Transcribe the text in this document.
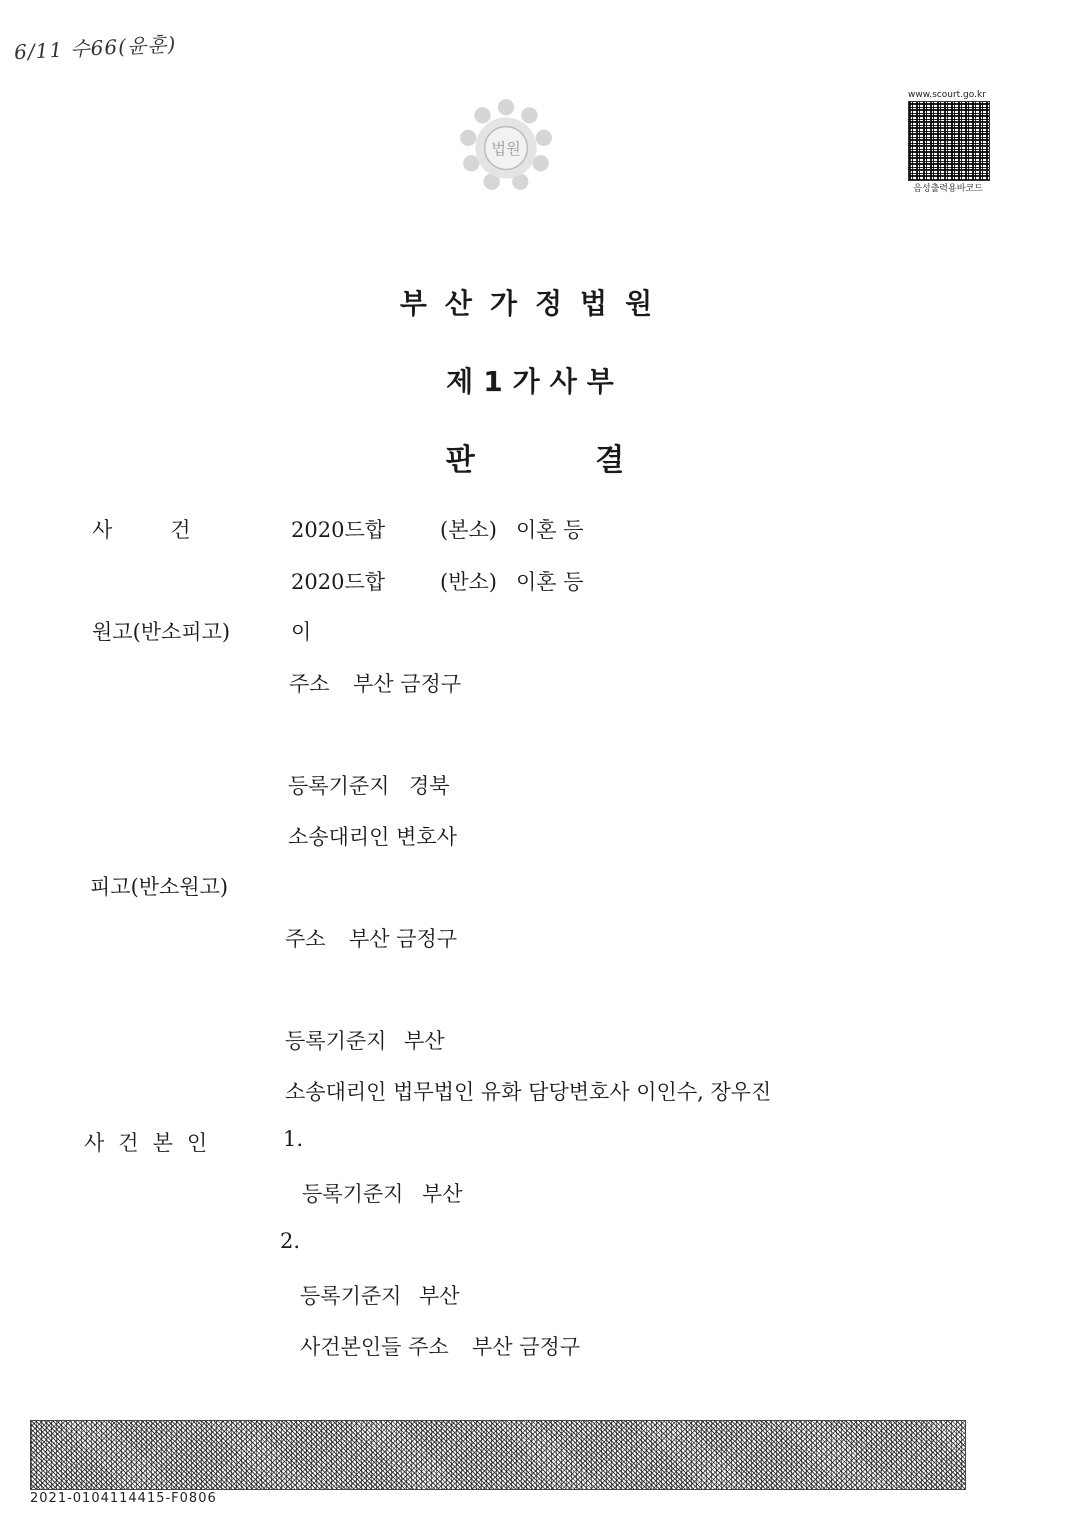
6/11 수66(윤훈)
법원
www.scourt.go.kr
음성출력용바코드
부산가정법원
제1가사부
판 결
사건 2020드합	(본소) 이혼 등
2020드합	(반소) 이혼 등
원고(반소피고)	이
주소 부산 금정구
등록기준지 경북
소송대리인 변호사
피고(반소원고)
주소 부산 금정구
등록기준지 부산
소송대리인 법무법인 유화 담당변호사 이인수, 장우진
사건본인	1.
등록기준지 부산
2.
등록기준지 부산
사건본인들 주소 부산 금정구
2021-0104114415-F0806
